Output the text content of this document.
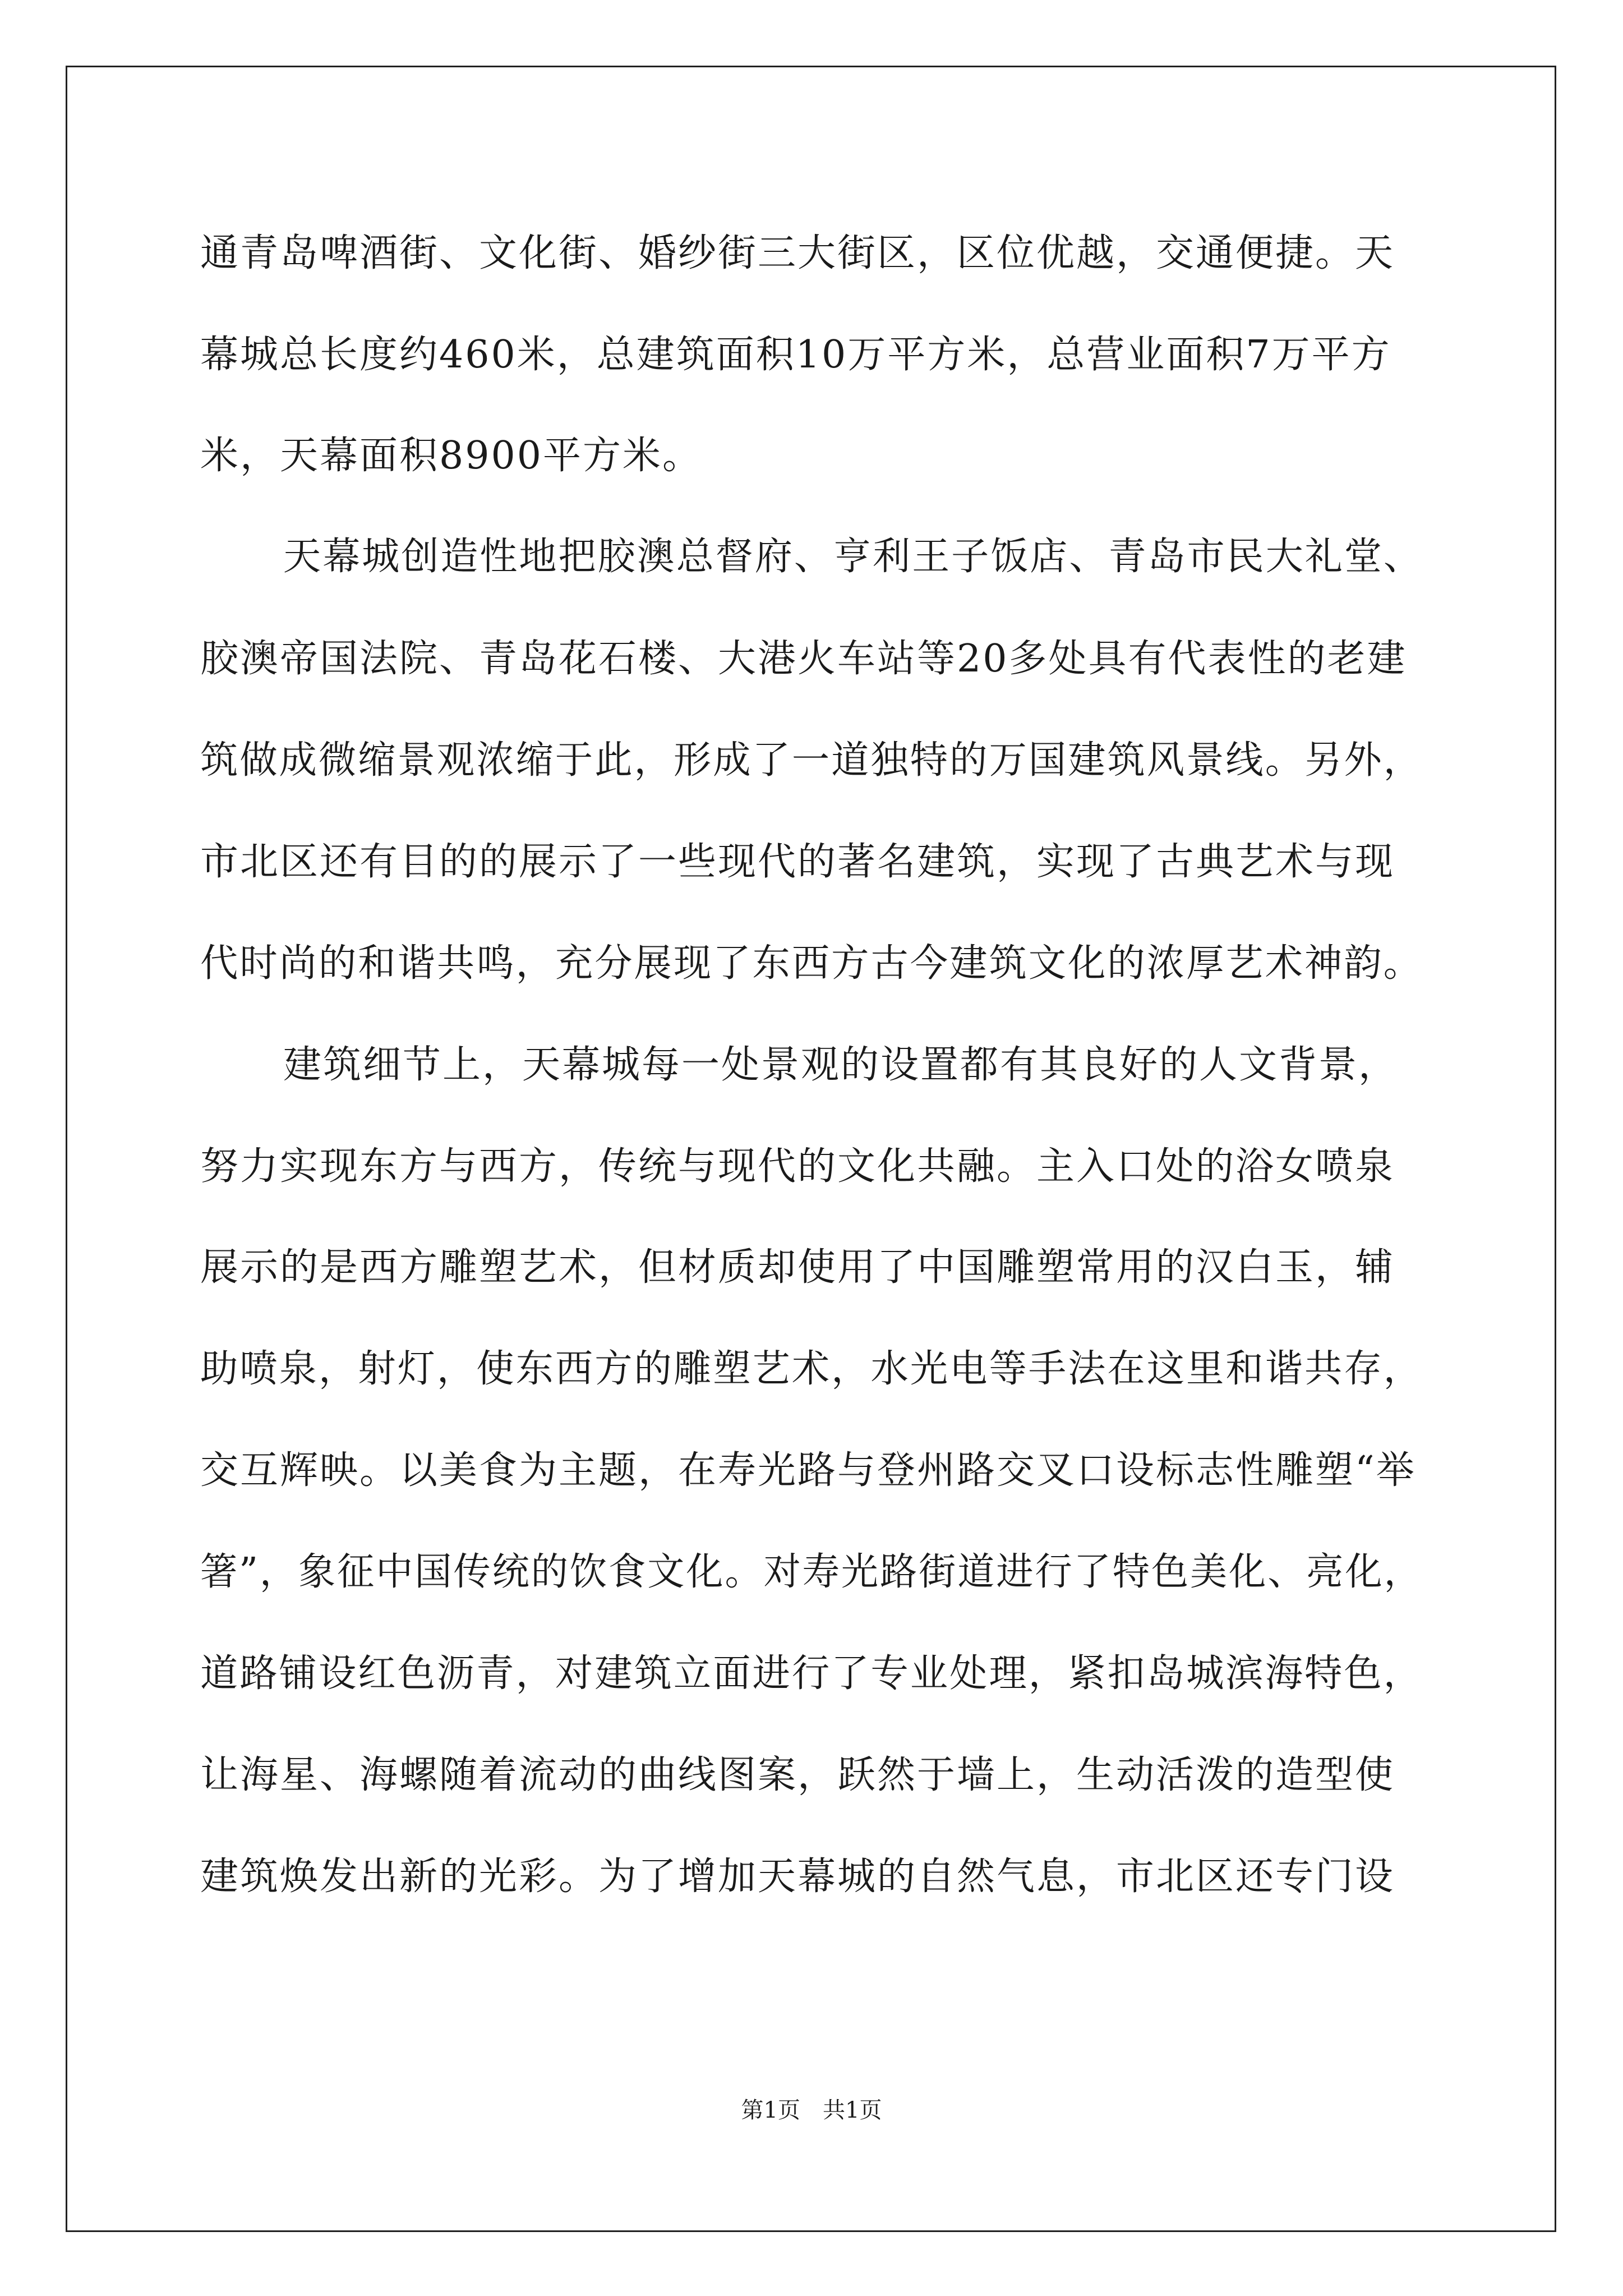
通青岛啤酒街、文化街、婚纱街三大街区，区位优越，交通便捷。天
幕城总长度约460米，总建筑面积10万平方米，总营业面积7万平方
米，天幕面积8900平方米。
天幕城创造性地把胶澳总督府、亨利王子饭店、青岛市民大礼堂、
胶澳帝国法院、青岛花石楼、大港火车站等20多处具有代表性的老建
筑做成微缩景观浓缩于此，形成了一道独特的万国建筑风景线。另外，
市北区还有目的的展示了一些现代的著名建筑，实现了古典艺术与现
代时尚的和谐共鸣，充分展现了东西方古今建筑文化的浓厚艺术神韵。
建筑细节上，天幕城每一处景观的设置都有其良好的人文背景，
努力实现东方与西方，传统与现代的文化共融。主入口处的浴女喷泉
展示的是西方雕塑艺术，但材质却使用了中国雕塑常用的汉白玉，辅
助喷泉，射灯，使东西方的雕塑艺术，水光电等手法在这里和谐共存，
交互辉映。以美食为主题，在寿光路与登州路交叉口设标志性雕塑“举
箸”，象征中国传统的饮食文化。对寿光路街道进行了特色美化、亮化，
道路铺设红色沥青，对建筑立面进行了专业处理，紧扣岛城滨海特色，
让海星、海螺随着流动的曲线图案，跃然于墙上，生动活泼的造型使
建筑焕发出新的光彩。为了增加天幕城的自然气息，市北区还专门设
第1页　共1页
